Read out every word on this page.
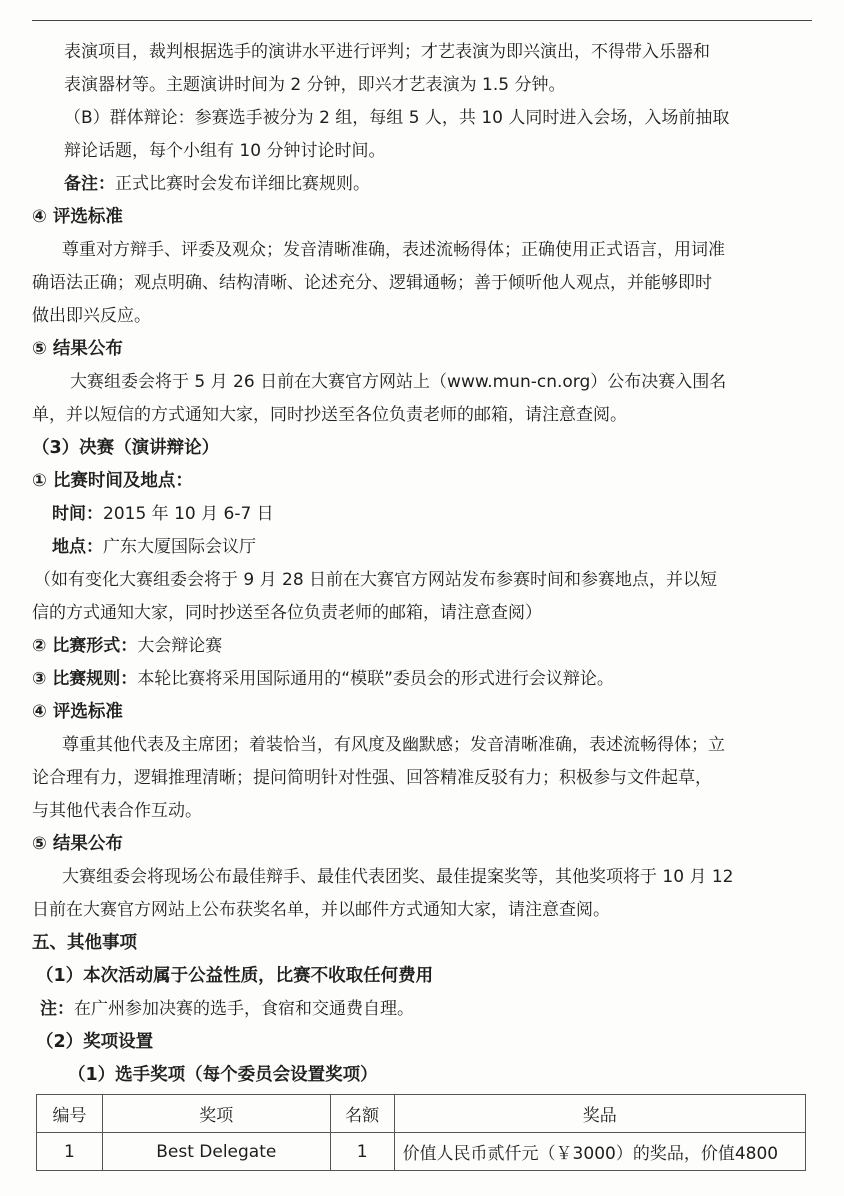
表演项目，裁判根据选手的演讲水平进行评判；才艺表演为即兴演出，不得带入乐器和

表演器材等。主题演讲时间为 2 分钟，即兴才艺表演为 1.5 分钟。

（B）群体辩论：参赛选手被分为 2 组，每组 5 人，共 10 人同时进入会场，入场前抽取

辩论话题，每个小组有 10 分钟讨论时间。

备注：正式比赛时会发布详细比赛规则。

④ 评选标准

尊重对方辩手、评委及观众；发音清晰准确，表述流畅得体；正确使用正式语言，用词准

确语法正确；观点明确、结构清晰、论述充分、逻辑通畅；善于倾听他人观点，并能够即时

做出即兴反应。

⑤ 结果公布

大赛组委会将于 5 月 26 日前在大赛官方网站上（www.mun-cn.org）公布决赛入围名

单，并以短信的方式通知大家，同时抄送至各位负责老师的邮箱，请注意查阅。

（3）决赛（演讲辩论）

① 比赛时间及地点：

时间：2015 年 10 月 6-7 日

地点：广东大厦国际会议厅

（如有变化大赛组委会将于 9 月 28 日前在大赛官方网站发布参赛时间和参赛地点，并以短

信的方式通知大家，同时抄送至各位负责老师的邮箱，请注意查阅）

② 比赛形式：大会辩论赛

③ 比赛规则：本轮比赛将采用国际通用的“模联”委员会的形式进行会议辩论。

④ 评选标准

尊重其他代表及主席团；着装恰当，有风度及幽默感；发音清晰准确，表述流畅得体；立

论合理有力，逻辑推理清晰；提问简明针对性强、回答精准反驳有力；积极参与文件起草，

与其他代表合作互动。

⑤ 结果公布

大赛组委会将现场公布最佳辩手、最佳代表团奖、最佳提案奖等，其他奖项将于 10 月 12

日前在大赛官方网站上公布获奖名单，并以邮件方式通知大家，请注意查阅。

五、其他事项

（1）本次活动属于公益性质，比赛不收取任何费用

注：在广州参加决赛的选手，食宿和交通费自理。

（2）奖项设置

（1）选手奖项（每个委员会设置奖项）

编号	奖项	名额	奖品
1	Best Delegate	1	价值人民币贰仟元（￥3000）的奖品，价值4800
